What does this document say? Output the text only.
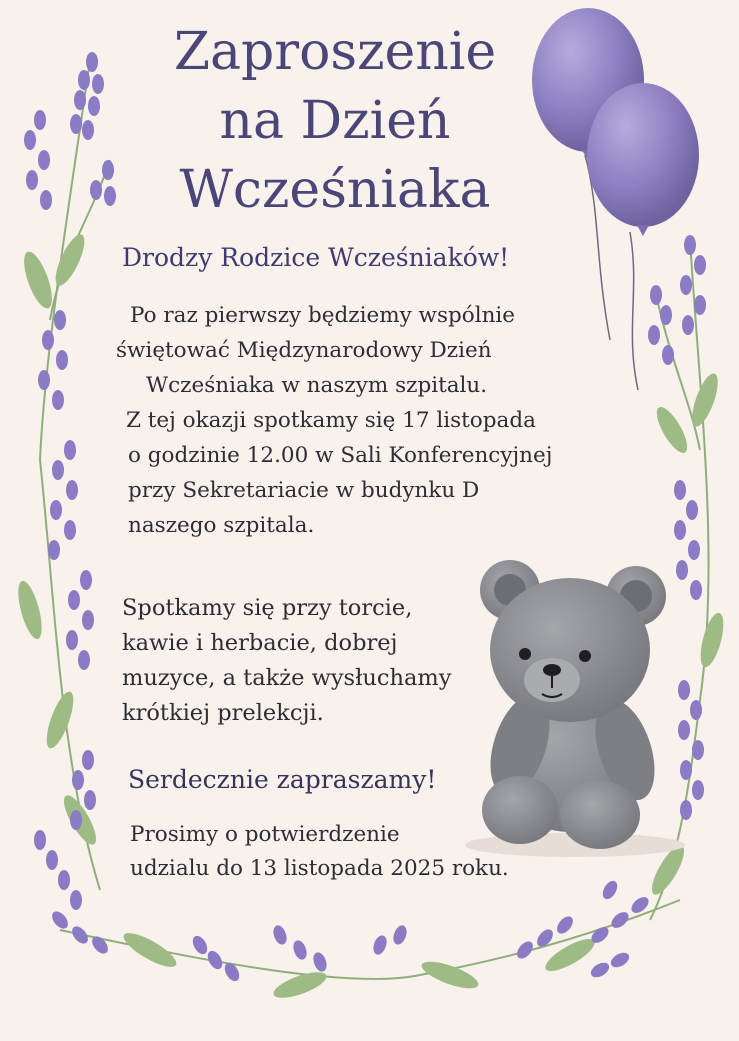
Zaproszenie
na Dzień
Wcześniaka
Drodzy Rodzice Wcześniaków!
Po raz pierwszy będziemy wspólnie
świętować Międzynarodowy Dzień
Wcześniaka w naszym szpitalu.
Z tej okazji spotkamy się 17 listopada
o godzinie 12.00 w Sali Konferencyjnej
przy Sekretariacie w budynku D
naszego szpitala.
Spotkamy się przy torcie,
kawie i herbacie, dobrej
muzyce, a także wysłuchamy
krótkiej prelekcji.
Serdecznie zapraszamy!
Prosimy o potwierdzenie
udzialu do 13 listopada 2025 roku.
